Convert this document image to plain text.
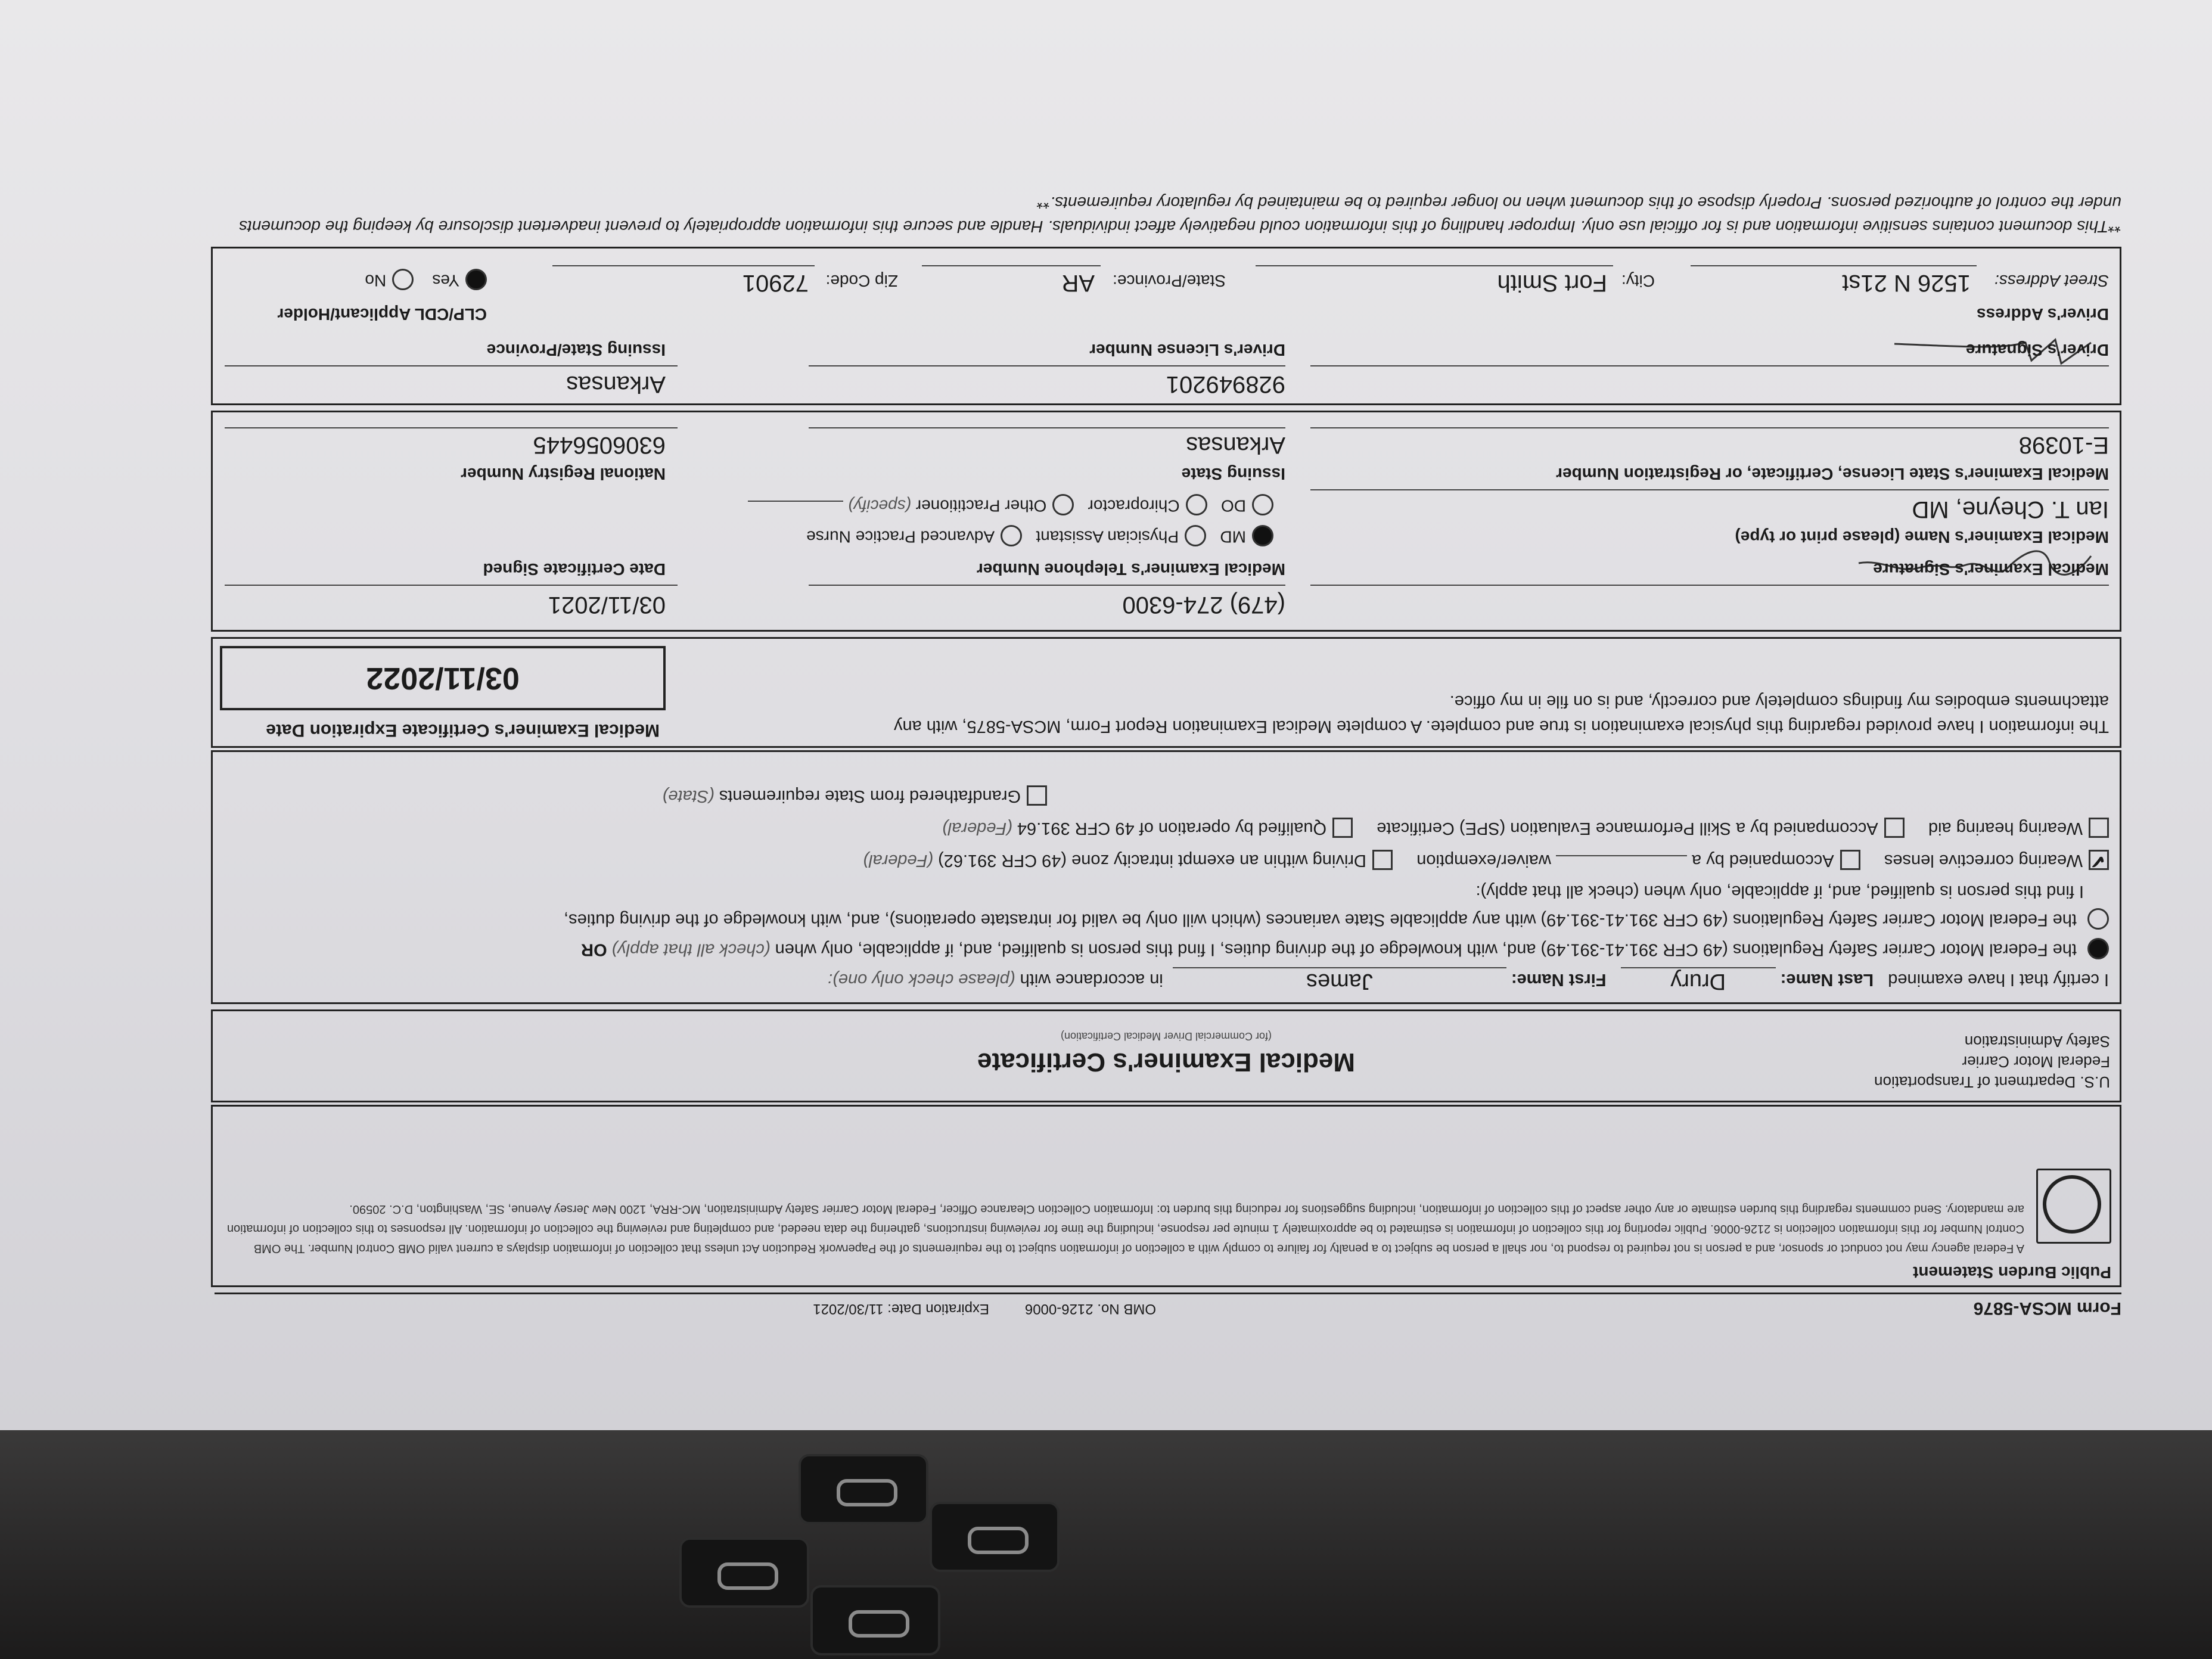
Form MCSA-5876
OMB No. 2126-0006
Expiration Date: 11/30/2021
Public Burden Statement
A Federal agency may not conduct or sponsor, and a person is not required to respond to, nor shall a person be subject to a penalty for failure to comply with a collection of information subject to the requirements of the Paperwork Reduction Act unless that collection of information displays a current valid OMB Control Number. The OMB Control Number for this information collection is 2126-0006. Public reporting for this collection of information is estimated to be approximately 1 minute per response, including the time for reviewing instructions, gathering the data needed, and completing and reviewing the collection of information. All responses to this collection of information are mandatory. Send comments regarding this burden estimate or any other aspect of this collection of information, including suggestions for reducing this burden to: Information Collection Clearance Officer, Federal Motor Carrier Safety Administration, MC-RRA, 1200 New Jersey Avenue, SE, Washington, D.C. 20590.
U.S. Department of Transportation
Federal Motor Carrier
Safety Administration
Medical Examiner's Certificate
(for Commercial Driver Medical Certification)
I certify that I have examined   Last Name: Drury   First Name: James  in accordance with (please check only one):
the Federal Motor Carrier Safety Regulations (49 CFR 391.41-391.49) and, with knowledge of the driving duties, I find this person is qualified, and, if applicable, only when (check all that apply) OR
the Federal Motor Carrier Safety Regulations (49 CFR 391.41-391.49) with any applicable State variances (which will only be valid for intrastate operations), and, with knowledge of the driving duties,
I find this person is qualified, and, if applicable, only when (check all that apply):
✔Wearing corrective lenses     Accompanied by a  waiver/exemption     Driving within an exempt intracity zone (49 CFR 391.62) (Federal)
Wearing hearing aid     Accompanied by a Skill Performance Evaluation (SPE) Certificate     Qualified by operation of 49 CFR 391.64 (Federal)
Grandfathered from State requirements (State)
The information I have provided regarding this physical examination is true and complete. A complete Medical Examination Report Form, MCSA-5875, with any attachments embodies my findings completely and correctly, and is on file in my office.
Medical Examiner's Certificate Expiration Date
03/11/2022
Medical Examiner's Signature
(479) 274-6300
Medical Examiner's Telephone Number
03/11/2021
Date Certificate Signed
Medical Examiner's Name (please print or type)
Ian T. Cheyne, MD
MD   Physician Assistant   Advanced Practice Nurse
DO   Chiropractor   Other Practitioner (specify)
Medical Examiner's State License, Certificate, or Registration Number
E-10398
Issuing State
Arkansas
National Registry Number
6306056445
Driver's Signature
928949201
Driver's License Number
Arkansas
Issuing State/Province
Driver's Address
CLP/CDL Applicant/Holder
Street Address:
1526 N 21st
City:
Fort Smith
State/Province:
AR
Zip Code:
72901
Yes    No
**This document contains sensitive information and is for official use only. Improper handling of this information could negatively affect individuals. Handle and secure this information appropriately to prevent inadvertent disclosure by keeping the documents under the control of authorized persons. Properly dispose of this document when no longer required to be maintained by regulatory requirements.**
